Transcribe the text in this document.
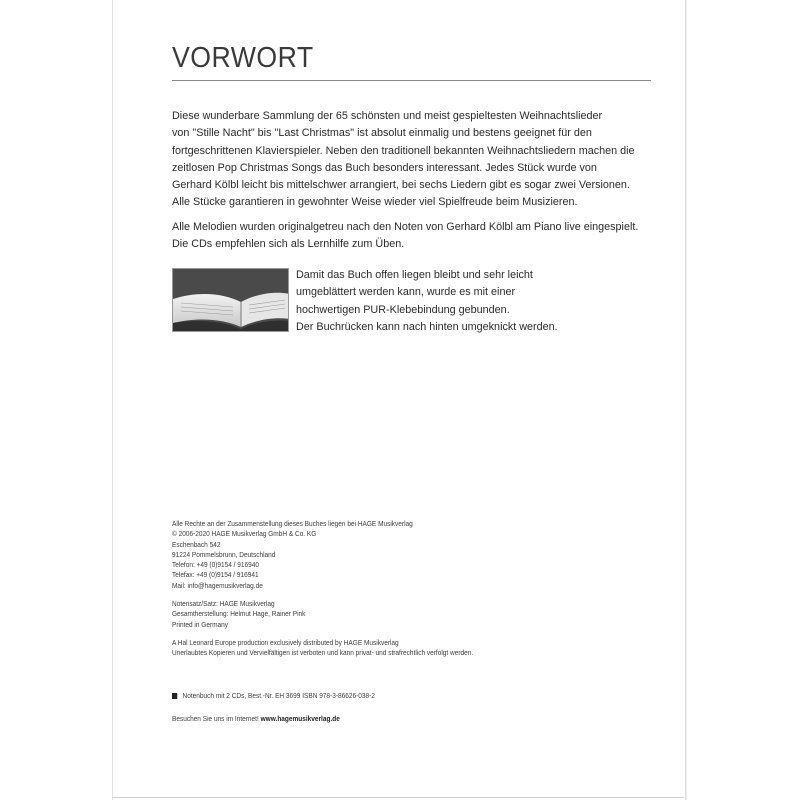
VORWORT

Diese wunderbare Sammlung der 65 schönsten und meist gespieltesten Weihnachtslieder
von "Stille Nacht" bis "Last Christmas" ist absolut einmalig und bestens geeignet für den
fortgeschrittenen Klavierspieler. Neben den traditionell bekannten Weihnachtsliedern machen die
zeitlosen Pop Christmas Songs das Buch besonders interessant. Jedes Stück wurde von
Gerhard Kölbl leicht bis mittelschwer arrangiert, bei sechs Liedern gibt es sogar zwei Versionen.
Alle Stücke garantieren in gewohnter Weise wieder viel Spielfreude beim Musizieren.

Alle Melodien wurden originalgetreu nach den Noten von Gerhard Kölbl am Piano live eingespielt.
Die CDs empfehlen sich als Lernhilfe zum Üben.

Damit das Buch offen liegen bleibt und sehr leicht
umgeblättert werden kann, wurde es mit einer
hochwertigen PUR-Klebebindung gebunden.
Der Buchrücken kann nach hinten umgeknickt werden.

Alle Rechte an der Zusammenstellung dieses Buches liegen bei HAGE Musikverlag
© 2006-2020 HAGE Musikverlag GmbH & Co. KG
Eschenbach 542
91224 Pommelsbrunn, Deutschland
Telefon: +49 (0)9154 / 916940
Telefax: +49 (0)9154 / 916941
Mail: info@hagemusikverlag.de
Notensatz/Satz: HAGE Musikverlag
Gesamtherstellung: Helmut Hage, Rainer Pink
Printed in Germany
A Hal Leonard Europe production exclusively distributed by HAGE Musikverlag
Unerlaubtes Kopieren und Vervielfältigen ist verboten und kann privat- und strafrechtlich verfolgt werden.
Notenbuch mit 2 CDs, Best.-Nr. EH 3699 ISBN 978-3-86626-038-2
Besuchen Sie uns im Internet! www.hagemusikverlag.de
